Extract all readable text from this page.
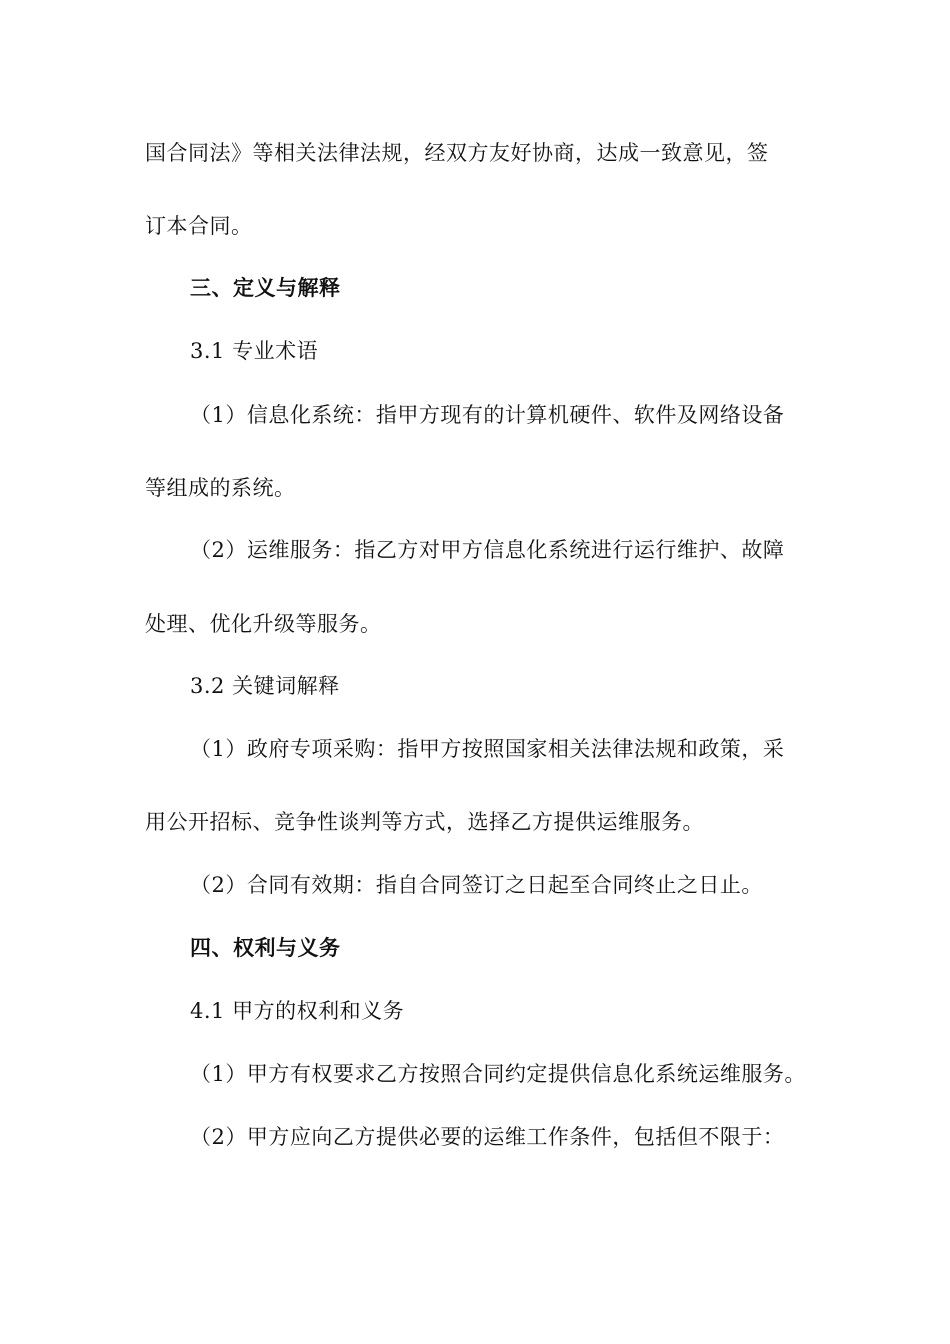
国合同法》等相关法律法规，经双方友好协商，达成一致意见，签
订本合同。
三、定义与解释
3.1 专业术语
（1）信息化系统：指甲方现有的计算机硬件、软件及网络设备
等组成的系统。
（2）运维服务：指乙方对甲方信息化系统进行运行维护、故障
处理、优化升级等服务。
3.2 关键词解释
（1）政府专项采购：指甲方按照国家相关法律法规和政策，采
用公开招标、竞争性谈判等方式，选择乙方提供运维服务。
（2）合同有效期：指自合同签订之日起至合同终止之日止。
四、权利与义务
4.1 甲方的权利和义务
（1）甲方有权要求乙方按照合同约定提供信息化系统运维服务。
（2）甲方应向乙方提供必要的运维工作条件，包括但不限于：
